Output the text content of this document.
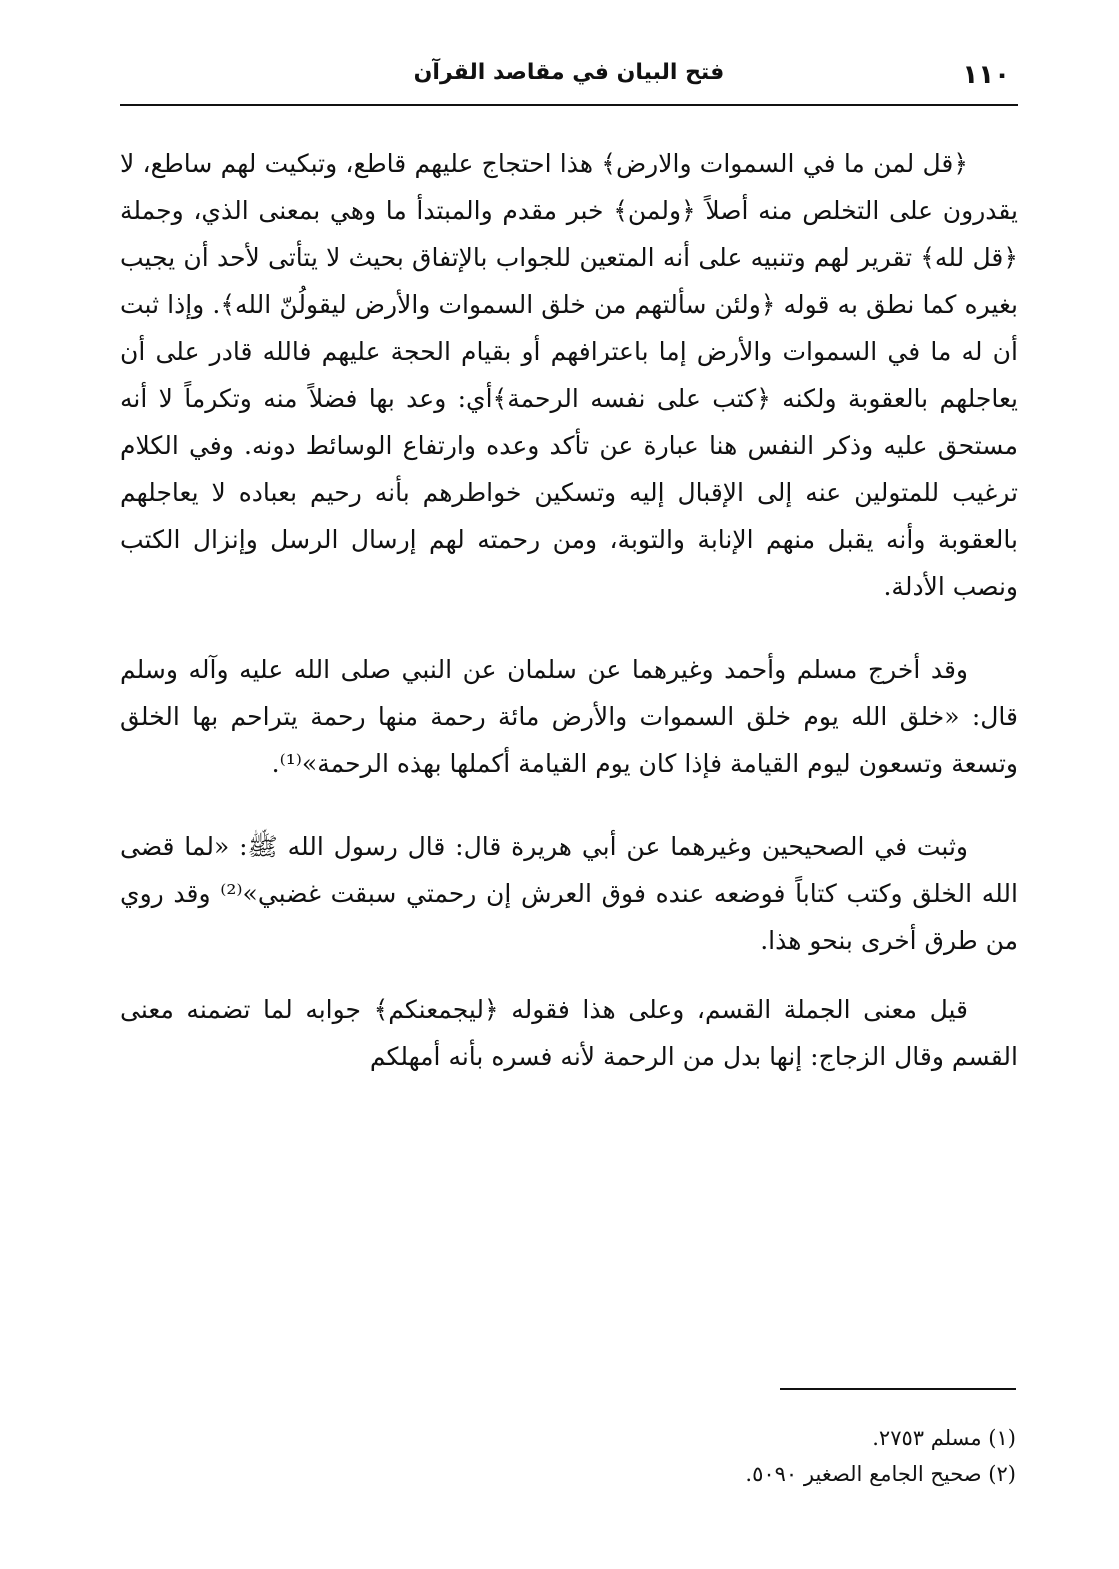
١١٠
فتح البيان في مقاصد القرآن

﴿قل لمن ما في السموات والارض﴾ هذا احتجاج عليهم قاطع، وتبكيت لهم ساطع، لا يقدرون على التخلص منه أصلاً ﴿ولمن﴾ خبر مقدم والمبتدأ ما وهي بمعنى الذي، وجملة ﴿قل لله﴾ تقرير لهم وتنبيه على أنه المتعين للجواب بالإتفاق بحيث لا يتأتى لأحد أن يجيب بغيره كما نطق به قوله ﴿ولئن سألتهم من خلق السموات والأرض ليقولُنّ الله﴾. وإذا ثبت أن له ما في السموات والأرض إما باعترافهم أو بقيام الحجة عليهم فالله قادر على أن يعاجلهم بالعقوبة ولكنه ﴿كتب على نفسه الرحمة﴾أي: وعد بها فضلاً منه وتكرماً لا أنه مستحق عليه وذكر النفس هنا عبارة عن تأكد وعده وارتفاع الوسائط دونه. وفي الكلام ترغيب للمتولين عنه إلى الإقبال إليه وتسكين خواطرهم بأنه رحيم بعباده لا يعاجلهم بالعقوبة وأنه يقبل منهم الإنابة والتوبة، ومن رحمته لهم إرسال الرسل وإنزال الكتب ونصب الأدلة.

وقد أخرج مسلم وأحمد وغيرهما عن سلمان عن النبي صلى الله عليه وآله وسلم قال: «خلق الله يوم خلق السموات والأرض مائة رحمة منها رحمة يتراحم بها الخلق وتسعة وتسعون ليوم القيامة فإذا كان يوم القيامة أكملها بهذه الرحمة»⁽¹⁾.

وثبت في الصحيحين وغيرهما عن أبي هريرة قال: قال رسول الله ﷺ: «لما قضى الله الخلق وكتب كتاباً فوضعه عنده فوق العرش إن رحمتي سبقت غضبي»⁽²⁾ وقد روي من طرق أخرى بنحو هذا.

قيل معنى الجملة القسم، وعلى هذا فقوله ﴿ليجمعنكم﴾ جوابه لما تضمنه معنى القسم وقال الزجاج: إنها بدل من الرحمة لأنه فسره بأنه أمهلكم

(١) مسلم ٢٧٥٣.

(٢) صحيح الجامع الصغير ٥٠٩٠.
